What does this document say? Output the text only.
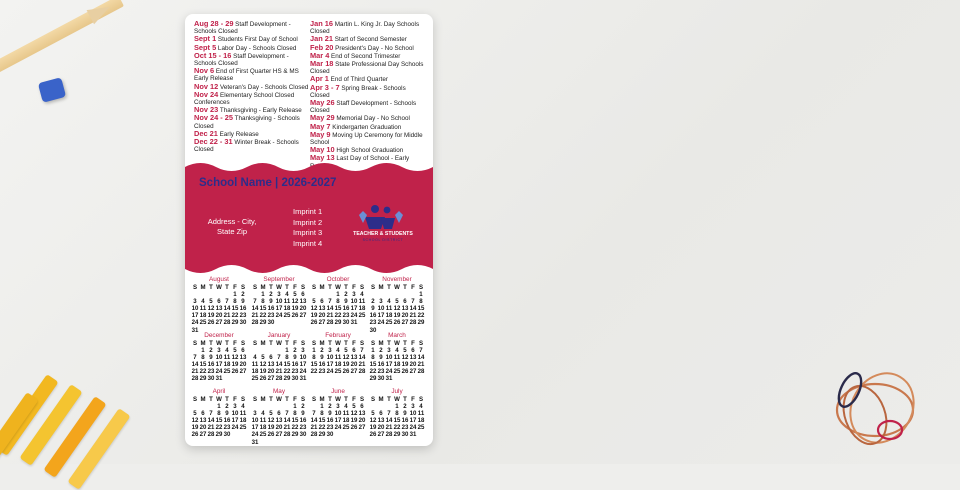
Aug 28 - 29 Staff Development - Schools Closed
Sept 1 Students First Day of School
Sept 5 Labor Day - Schools Closed
Oct 15 - 16 Staff Development - Schools Closed
Nov 6 End of First Quarter HS & MS Early Release
Nov 12 Veteran's Day - Schools Closed
Nov 24 Elementary School Closed Conferences
Nov 23 Thanksgiving - Early Release
Nov 24 - 25 Thanksgiving - Schools Closed
Dec 21 Early Release
Dec 22 - 31 Winter Break - Schools Closed
Jan 16 Martin L. King Jr. Day Schools Closed
Jan 21 Start of Second Semester
Feb 20 President's Day - No School
Mar 4 End of Second Trimester
Mar 18 State Professional Day Schools Closed
Apr 1 End of Third Quarter
Apr 3 - 7 Spring Break - Schools Closed
May 26 Staff Development - Schools Closed
May 29 Memorial Day - No School
May 7 Kindergarten Graduation
May 9 Moving Up Ceremony for Middle School
May 10 High School Graduation
May 13 Last Day of School - Early
School Name | 2026-2027
Address - City,
State Zip
Imprint 1
Imprint 2
Imprint 3
Imprint 4
TEACHER & STUDENTS
SCHOOL DISTRICT
August
S M T W T F S
1 2
3 4 5 6 7 8 9
10 11 12 13 14 15 16
17 18 19 20 21 22 23
24 25 26 27 28 29 30
31
September
S M T W T F S
1 2 3 4 5 6
7 8 9 10 11 12 13
14 15 16 17 18 19 20
21 22 23 24 25 26 27
28 29 30
October
S M T W T F S
1 2 3 4
5 6 7 8 9 10 11
12 13 14 15 16 17 18
19 20 21 22 23 24 25
26 27 28 29 30 31
November
S M T W T F S
1
2 3 4 5 6 7 8
9 10 11 12 13 14 15
16 17 18 19 20 21 22
23 24 25 26 27 28 29
30
December
S M T W T F S
1 2 3 4 5 6
7 8 9 10 11 12 13
14 15 16 17 18 19 20
21 22 23 24 25 26 27
28 29 30 31
January
S M T W T F S
1 2 3
4 5 6 7 8 9 10
11 12 13 14 15 16 17
18 19 20 21 22 23 24
25 26 27 28 29 30 31
February
S M T W T F S
1 2 3 4 5 6 7
8 9 10 11 12 13 14
15 16 17 18 19 20 21
22 23 24 25 26 27 28
March
S M T W T F S
1 2 3 4 5 6 7
8 9 10 11 12 13 14
15 16 17 18 19 20 21
22 23 24 25 26 27 28
29 30 31
April
S M T W T F S
1 2 3 4
5 6 7 8 9 10 11
12 13 14 15 16 17 18
19 20 21 22 23 24 25
26 27 28 29 30
May
S M T W T F S
1 2
3 4 5 6 7 8 9
10 11 12 13 14 15 16
17 18 19 20 21 22 23
24 25 26 27 28 29 30
31
June
S M T W T F S
1 2 3 4 5 6
7 8 9 10 11 12 13
14 15 16 17 18 19 20
21 22 23 24 25 26 27
28 29 30
July
S M T W T F S
1 2 3 4
5 6 7 8 9 10 11
12 13 14 15 16 17 18
19 20 21 22 23 24 25
26 27 28 29 30 31
